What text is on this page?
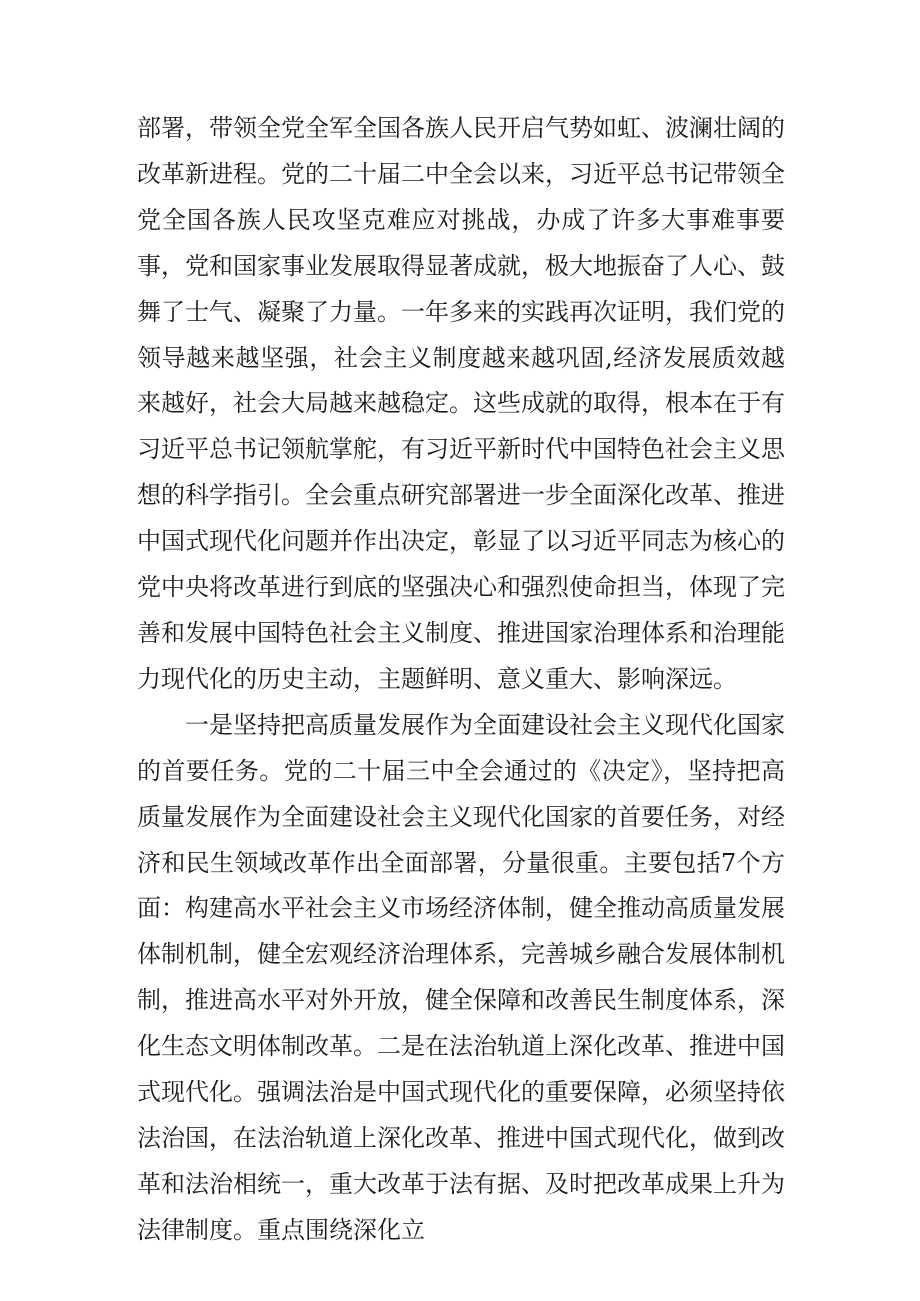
部署，带领全党全军全国各族人民开启气势如虹、波澜壮阔的改革新进程。党的二十届二中全会以来，习近平总书记带领全党全国各族人民攻坚克难应对挑战，办成了许多大事难事要事，党和国家事业发展取得显著成就，极大地振奋了人心、鼓舞了士气、凝聚了力量。一年多来的实践再次证明，我们党的领导越来越坚强，社会主义制度越来越巩固,经济发展质效越来越好，社会大局越来越稳定。这些成就的取得，根本在于有习近平总书记领航掌舵，有习近平新时代中国特色社会主义思想的科学指引。全会重点研究部署进一步全面深化改革、推进中国式现代化问题并作出决定，彰显了以习近平同志为核心的党中央将改革进行到底的坚强决心和强烈使命担当，体现了完善和发展中国特色社会主义制度、推进国家治理体系和治理能力现代化的历史主动，主题鲜明、意义重大、影响深远。

一是坚持把高质量发展作为全面建设社会主义现代化国家的首要任务。党的二十届三中全会通过的《决定》，坚持把高质量发展作为全面建设社会主义现代化国家的首要任务，对经济和民生领域改革作出全面部署，分量很重。主要包括7个方面：构建高水平社会主义市场经济体制，健全推动高质量发展体制机制，健全宏观经济治理体系，完善城乡融合发展体制机制，推进高水平对外开放，健全保障和改善民生制度体系，深化生态文明体制改革。二是在法治轨道上深化改革、推进中国式现代化。强调法治是中国式现代化的重要保障，必须坚持依法治国，在法治轨道上深化改革、推进中国式现代化，做到改革和法治相统一，重大改革于法有据、及时把改革成果上升为法律制度。重点围绕深化立
